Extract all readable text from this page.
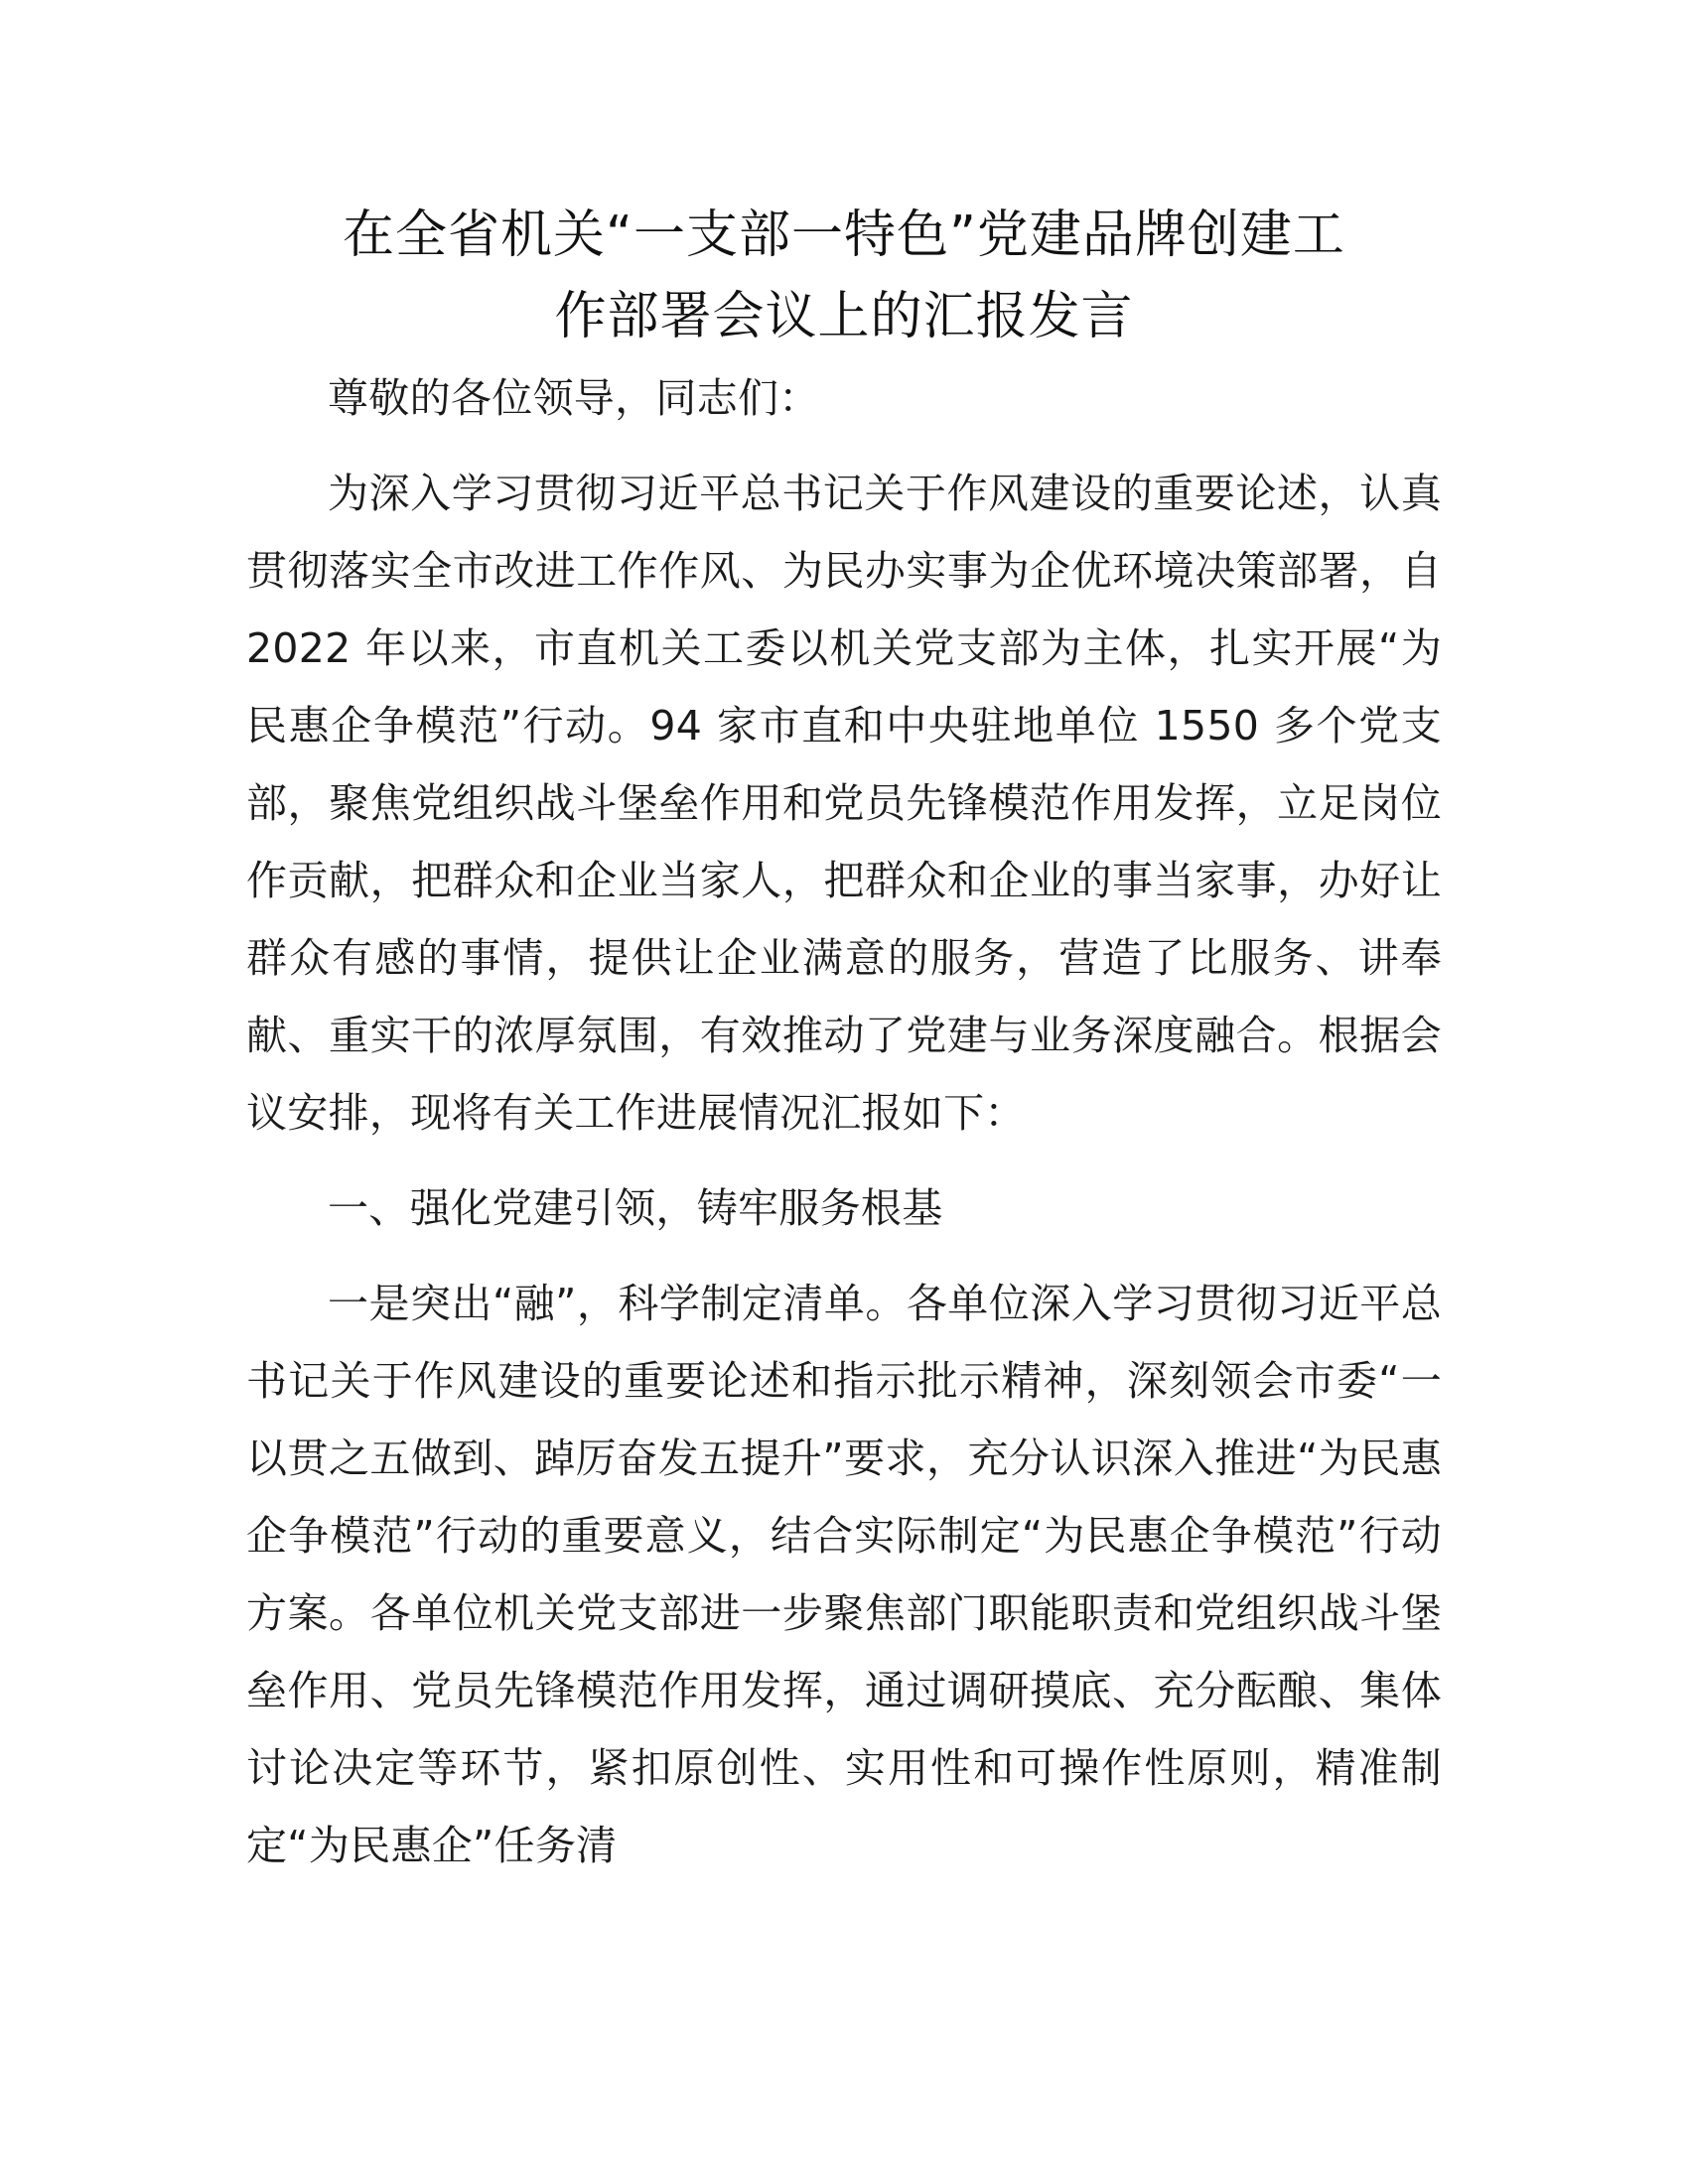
在全省机关“一支部一特色”党建品牌创建工
作部署会议上的汇报发言

尊敬的各位领导，同志们：

为深入学习贯彻习近平总书记关于作风建设的重要论述，认真贯彻落实全市改进工作作风、为民办实事为企优环境决策部署，自 2022 年以来，市直机关工委以机关党支部为主体，扎实开展“为民惠企争模范”行动。94 家市直和中央驻地单位 1550 多个党支部，聚焦党组织战斗堡垒作用和党员先锋模范作用发挥，立足岗位作贡献，把群众和企业当家人，把群众和企业的事当家事，办好让群众有感的事情，提供让企业满意的服务，营造了比服务、讲奉献、重实干的浓厚氛围，有效推动了党建与业务深度融合。根据会议安排，现将有关工作进展情况汇报如下：

一、强化党建引领，铸牢服务根基

一是突出“融”，科学制定清单。各单位深入学习贯彻习近平总书记关于作风建设的重要论述和指示批示精神，深刻领会市委“一以贯之五做到、踔厉奋发五提升”要求，充分认识深入推进“为民惠企争模范”行动的重要意义，结合实际制定“为民惠企争模范”行动方案。各单位机关党支部进一步聚焦部门职能职责和党组织战斗堡垒作用、党员先锋模范作用发挥，通过调研摸底、充分酝酿、集体讨论决定等环节，紧扣原创性、实用性和可操作性原则，精准制定“为民惠企”任务清
